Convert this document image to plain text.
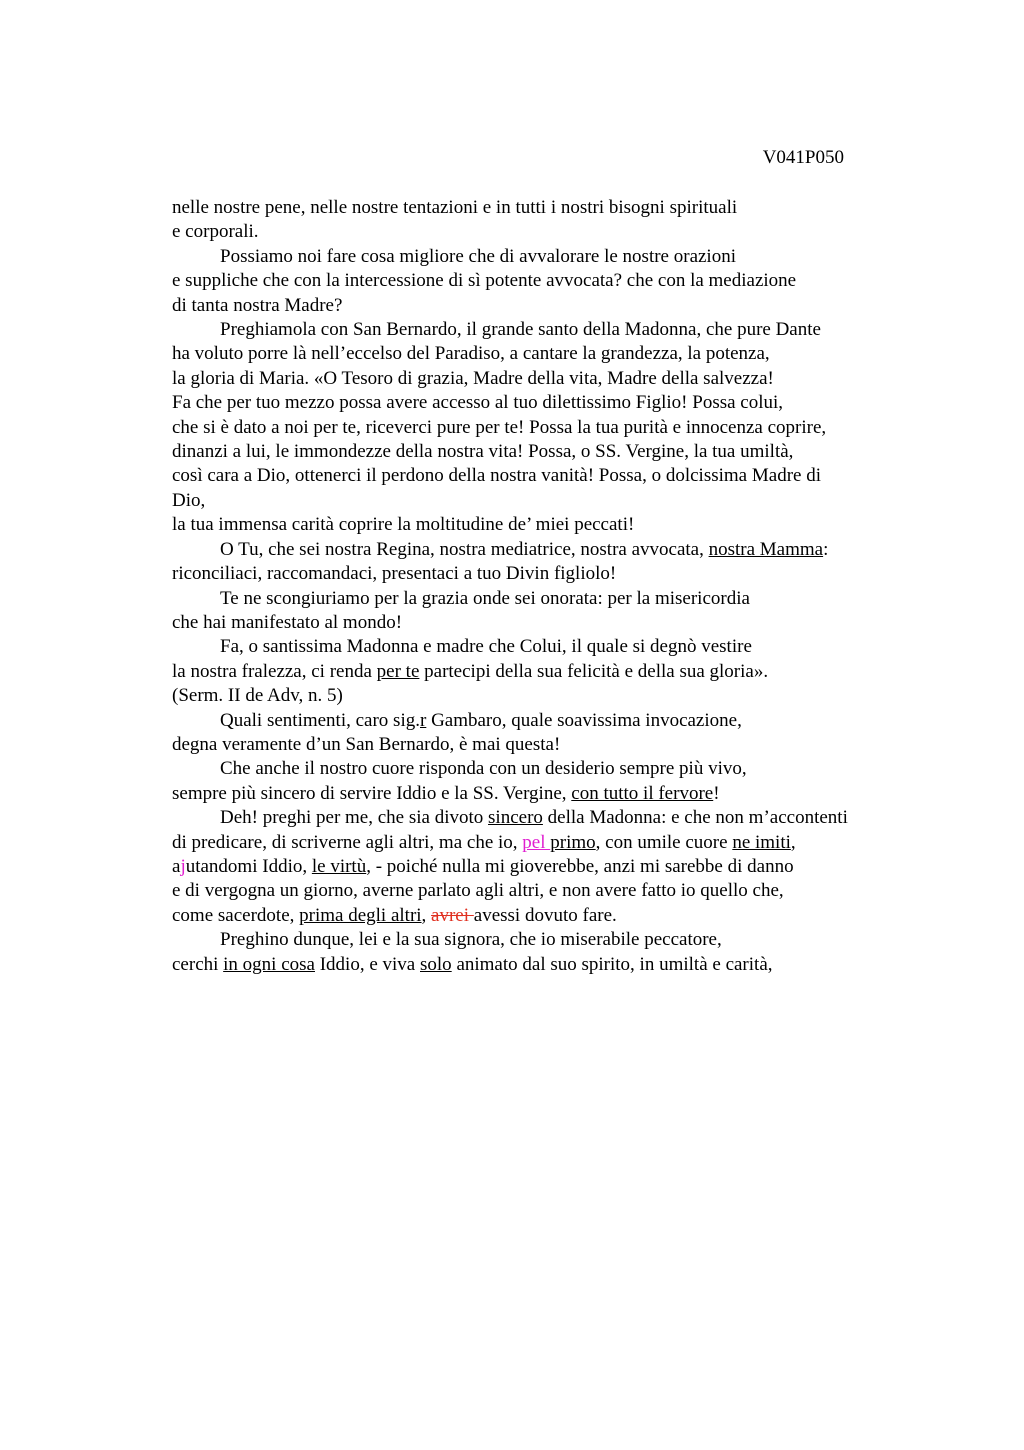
V041P050
nelle nostre pene, nelle nostre tentazioni e in tutti i nostri bisogni spirituali
e corporali.
Possiamo noi fare cosa migliore che di avvalorare le nostre orazioni
e suppliche che con la intercessione di sì potente avvocata? che con la mediazione
di tanta nostra Madre?
Preghiamola con San Bernardo, il grande santo della Madonna, che pure Dante
ha voluto porre là nell’eccelso del Paradiso, a cantare la grandezza, la potenza,
la gloria di Maria. «O Tesoro di grazia, Madre della vita, Madre della salvezza!
Fa che per tuo mezzo possa avere accesso al tuo dilettissimo Figlio! Possa colui,
che si è dato a noi per te, riceverci pure per te! Possa la tua purità e innocenza coprire,
dinanzi a lui, le immondezze della nostra vita! Possa, o SS. Vergine, la tua umiltà,
così cara a Dio, ottenerci il perdono della nostra vanità! Possa, o dolcissima Madre di
Dio,
la tua immensa carità coprire la moltitudine de’ miei peccati!
O Tu, che sei nostra Regina, nostra mediatrice, nostra avvocata, nostra Mamma:
riconciliaci, raccomandaci, presentaci a tuo Divin figliolo!
Te ne scongiuriamo per la grazia onde sei onorata: per la misericordia
che hai manifestato al mondo!
Fa, o santissima Madonna e madre che Colui, il quale si degnò vestire
la nostra fralezza, ci renda per te partecipi della sua felicità e della sua gloria».
(Serm. II de Adv, n. 5)
Quali sentimenti, caro sig.r Gambaro, quale soavissima invocazione,
degna veramente d’un San Bernardo, è mai questa!
Che anche il nostro cuore risponda con un desiderio sempre più vivo,
sempre più sincero di servire Iddio e la SS. Vergine, con tutto il fervore!
Deh! preghi per me, che sia divoto sincero della Madonna: e che non m’accontenti
di predicare, di scriverne agli altri, ma che io, pel primo, con umile cuore ne imiti,
ajutandomi Iddio, le virtù, - poiché nulla mi gioverebbe, anzi mi sarebbe di danno
e di vergogna un giorno, averne parlato agli altri, e non avere fatto io quello che,
come sacerdote, prima degli altri, avrei avessi dovuto fare.
Preghino dunque, lei e la sua signora, che io miserabile peccatore,
cerchi in ogni cosa Iddio, e viva solo animato dal suo spirito, in umiltà e carità,
